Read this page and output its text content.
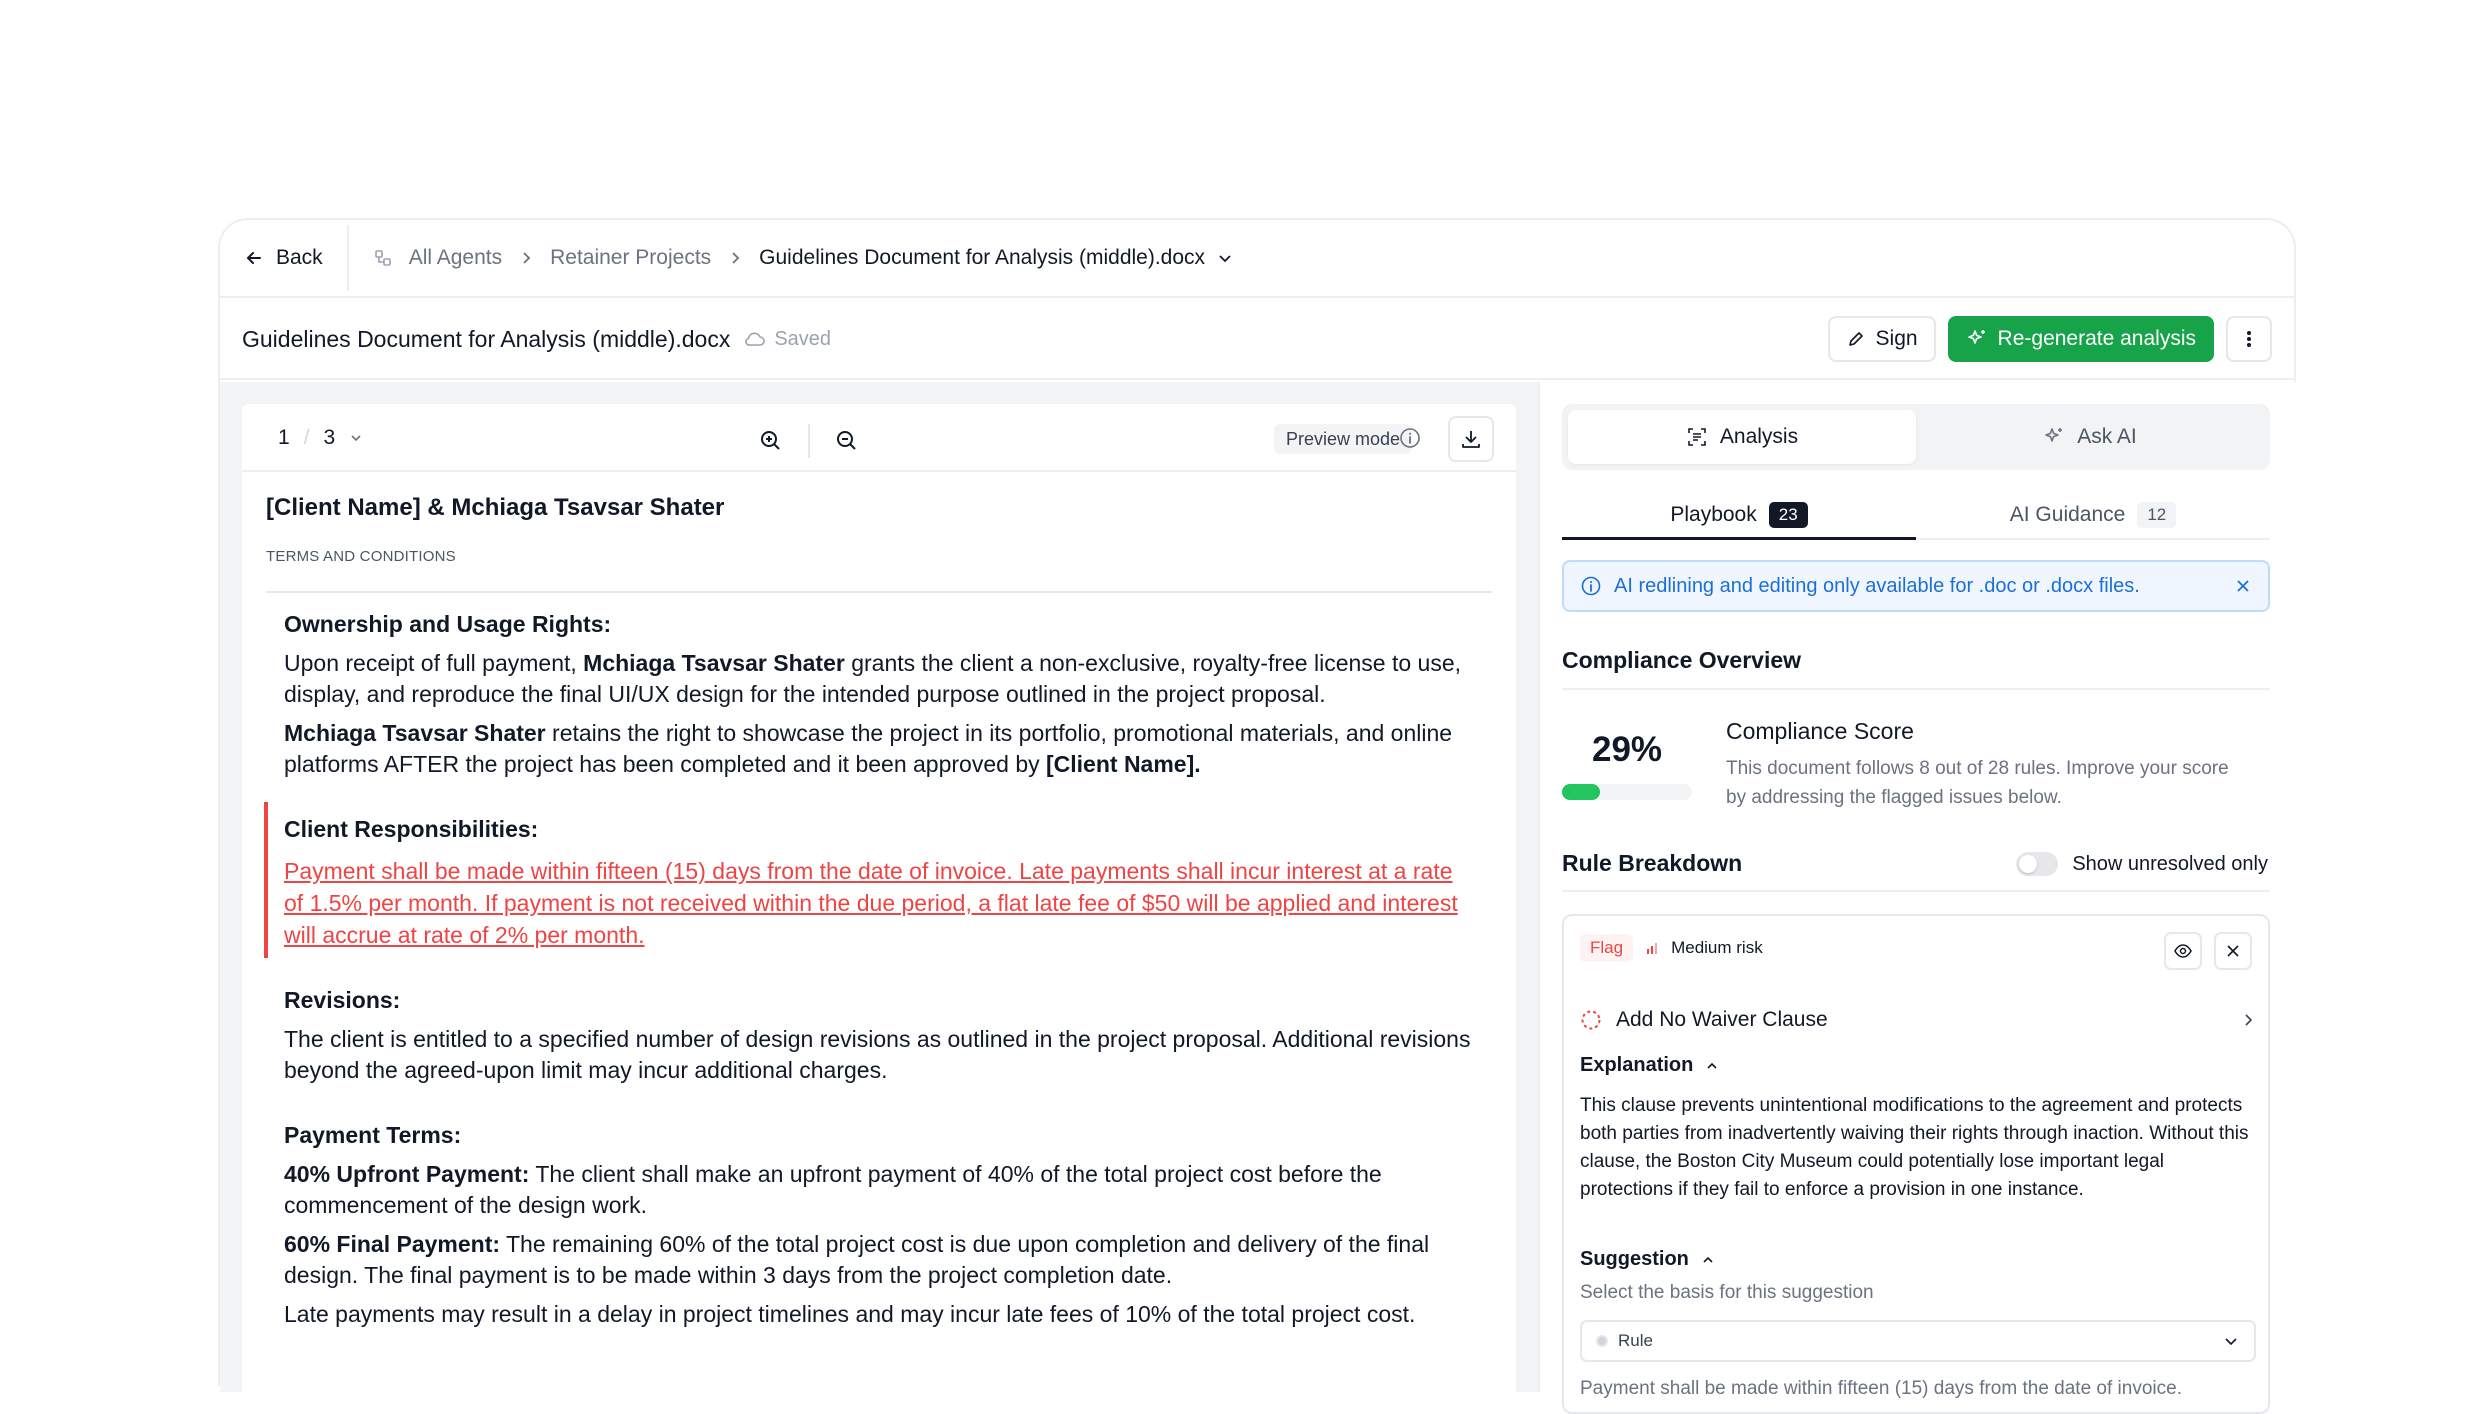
Back	All Agents Retainer Projects Guidelines Document for Analysis (middle).docx
Guidelines Document for Analysis (middle).docx Saved	Sign	Re-generate analysis
1 / 3	Preview mode
[Client Name] & Mchiaga Tsavsar Shater
TERMS AND CONDITIONS
Ownership and Usage Rights:

Upon receipt of full payment, Mchiaga Tsavsar Shater grants the client a non-exclusive, royalty-free license to use, display, and reproduce the final UI/UX design for the intended purpose outlined in the project proposal.

Mchiaga Tsavsar Shater retains the right to showcase the project in its portfolio, promotional materials, and online platforms AFTER the project has been completed and it been approved by [Client Name].

Client Responsibilities:

Payment shall be made within fifteen (15) days from the date of invoice. Late payments shall incur interest at a rate of 1.5% per month. If payment is not received within the due period, a flat late fee of $50 will be applied and interest will accrue at rate of 2% per month.

Revisions:

The client is entitled to a specified number of design revisions as outlined in the project proposal. Additional revisions beyond the agreed-upon limit may incur additional charges.

Payment Terms:

40% Upfront Payment: The client shall make an upfront payment of 40% of the total project cost before the commencement of the design work.

60% Final Payment: The remaining 60% of the total project cost is due upon completion and delivery of the final design. The final payment is to be made within 3 days from the project completion date.

Late payments may result in a delay in project timelines and may incur late fees of 10% of the total project cost.

Analysis	Ask AI
Playbook	23	AI Guidance	12
AI redlining and editing only available for .doc or .docx files.
Compliance Overview
29%	Compliance Score
This document follows 8 out of 28 rules. Improve your score by addressing the flagged issues below.
Rule Breakdown	Show unresolved only
Flag	Medium risk
Add No Waiver Clause
Explanation
This clause prevents unintentional modifications to the agreement and protects both parties from inadvertently waiving their rights through inaction. Without this clause, the Boston City Museum could potentially lose important legal protections if they fail to enforce a provision in one instance.
Suggestion
Select the basis for this suggestion
Rule
Payment shall be made within fifteen (15) days from the date of invoice.
